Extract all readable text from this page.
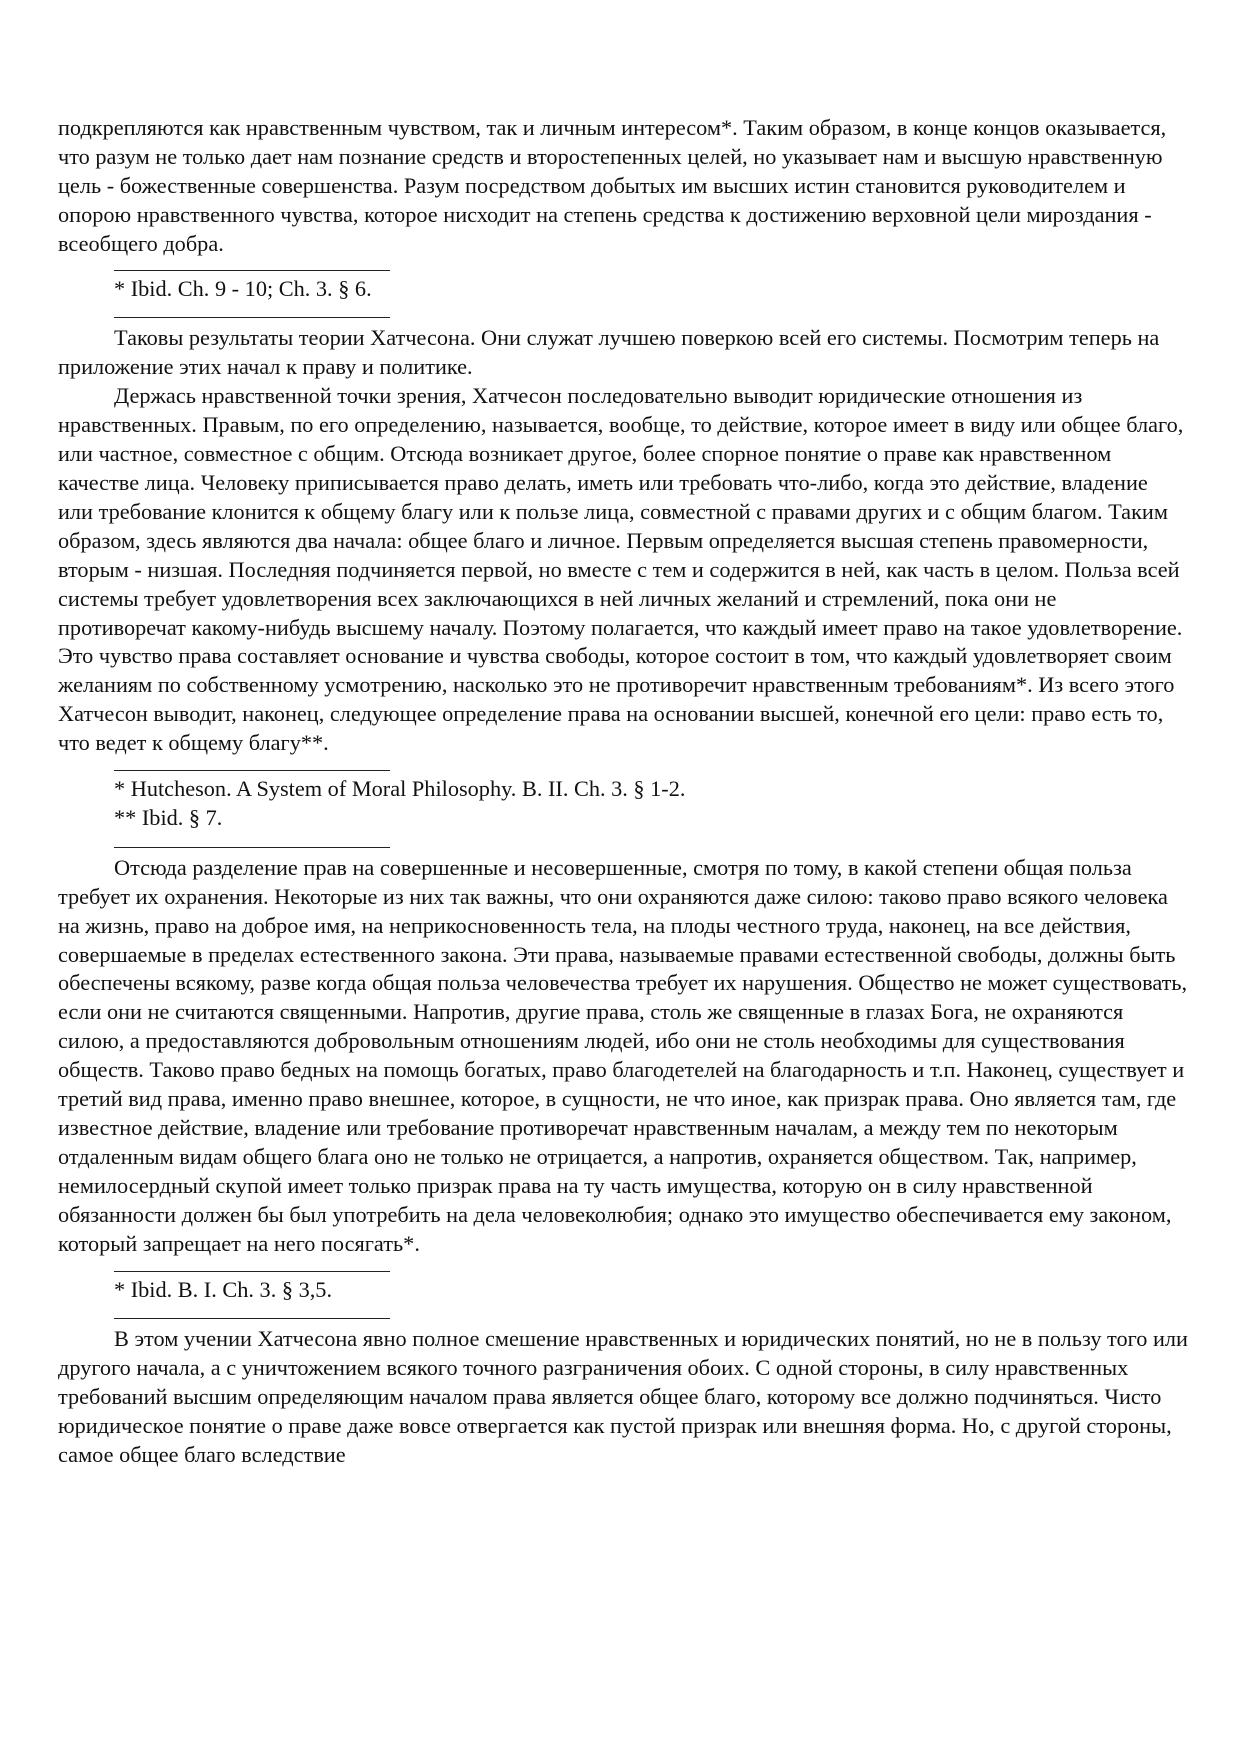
подкрепляются как нравственным чувством, так и личным интересом*. Таким образом, в конце концов оказывается, что разум не только дает нам познание средств и второстепенных целей, но указывает нам и высшую нравственную цель - божественные совершенства. Разум посредством добытых им высших истин становится руководителем и опорою нравственного чувства, которое нисходит на степень средства к достижению верховной цели мироздания - всеобщего добра.

* Ibid. Ch. 9 - 10; Ch. 3. § 6.

Таковы результаты теории Хатчесона. Они служат лучшею поверкою всей его системы. Посмотрим теперь на приложение этих начал к праву и политике.

Держась нравственной точки зрения, Хатчесон последовательно выводит юридические отношения из нравственных. Правым, по его определению, называется, вообще, то действие, которое имеет в виду или общее благо, или частное, совместное с общим. Отсюда возникает другое, более спорное понятие о праве как нравственном качестве лица. Человеку приписывается право делать, иметь или требовать что-либо, когда это действие, владение или требование клонится к общему благу или к пользе лица, совместной с правами других и с общим благом. Таким образом, здесь являются два начала: общее благо и личное. Первым определяется высшая степень правомерности, вторым - низшая. Последняя подчиняется первой, но вместе с тем и содержится в ней, как часть в целом. Польза всей системы требует удовлетворения всех заключающихся в ней личных желаний и стремлений, пока они не противоречат какому-нибудь высшему началу. Поэтому полагается, что каждый имеет право на такое удовлетворение. Это чувство права составляет основание и чувства свободы, которое состоит в том, что каждый удовлетворяет своим желаниям по собственному усмотрению, насколько это не противоречит нравственным требованиям*. Из всего этого Хатчесон выводит, наконец, следующее определение права на основании высшей, конечной его цели: право есть то, что ведет к общему благу**.

* Hutcheson. A System of Moral Philosophy. B. II. Ch. 3. § 1-2.

** Ibid. § 7.

Отсюда разделение прав на совершенные и несовершенные, смотря по тому, в какой степени общая польза требует их охранения. Некоторые из них так важны, что они охраняются даже силою: таково право всякого человека на жизнь, право на доброе имя, на неприкосновенность тела, на плоды честного труда, наконец, на все действия, совершаемые в пределах естественного закона. Эти права, называемые правами естественной свободы, должны быть обеспечены всякому, разве когда общая польза человечества требует их нарушения. Общество не может существовать, если они не считаются священными. Напротив, другие права, столь же священные в глазах Бога, не охраняются силою, а предоставляются добровольным отношениям людей, ибо они не столь необходимы для существования обществ. Таково право бедных на помощь богатых, право благодетелей на благодарность и т.п. Наконец, существует и третий вид права, именно право внешнее, которое, в сущности, не что иное, как призрак права. Оно является там, где известное действие, владение или требование противоречат нравственным началам, а между тем по некоторым отдаленным видам общего блага оно не только не отрицается, а напротив, охраняется обществом. Так, например, немилосердный скупой имеет только призрак права на ту часть имущества, которую он в силу нравственной обязанности должен бы был употребить на дела человеколюбия; однако это имущество обеспечивается ему законом, который запрещает на него посягать*.

* Ibid. B. I. Ch. 3. § 3,5.

В этом учении Хатчесона явно полное смешение нравственных и юридических понятий, но не в пользу того или другого начала, а с уничтожением всякого точного разграничения обоих. С одной стороны, в силу нравственных требований высшим определяющим началом права является общее благо, которому все должно подчиняться. Чисто юридическое понятие о праве даже вовсе отвергается как пустой призрак или внешняя форма. Но, с другой стороны, самое общее благо вследствие
